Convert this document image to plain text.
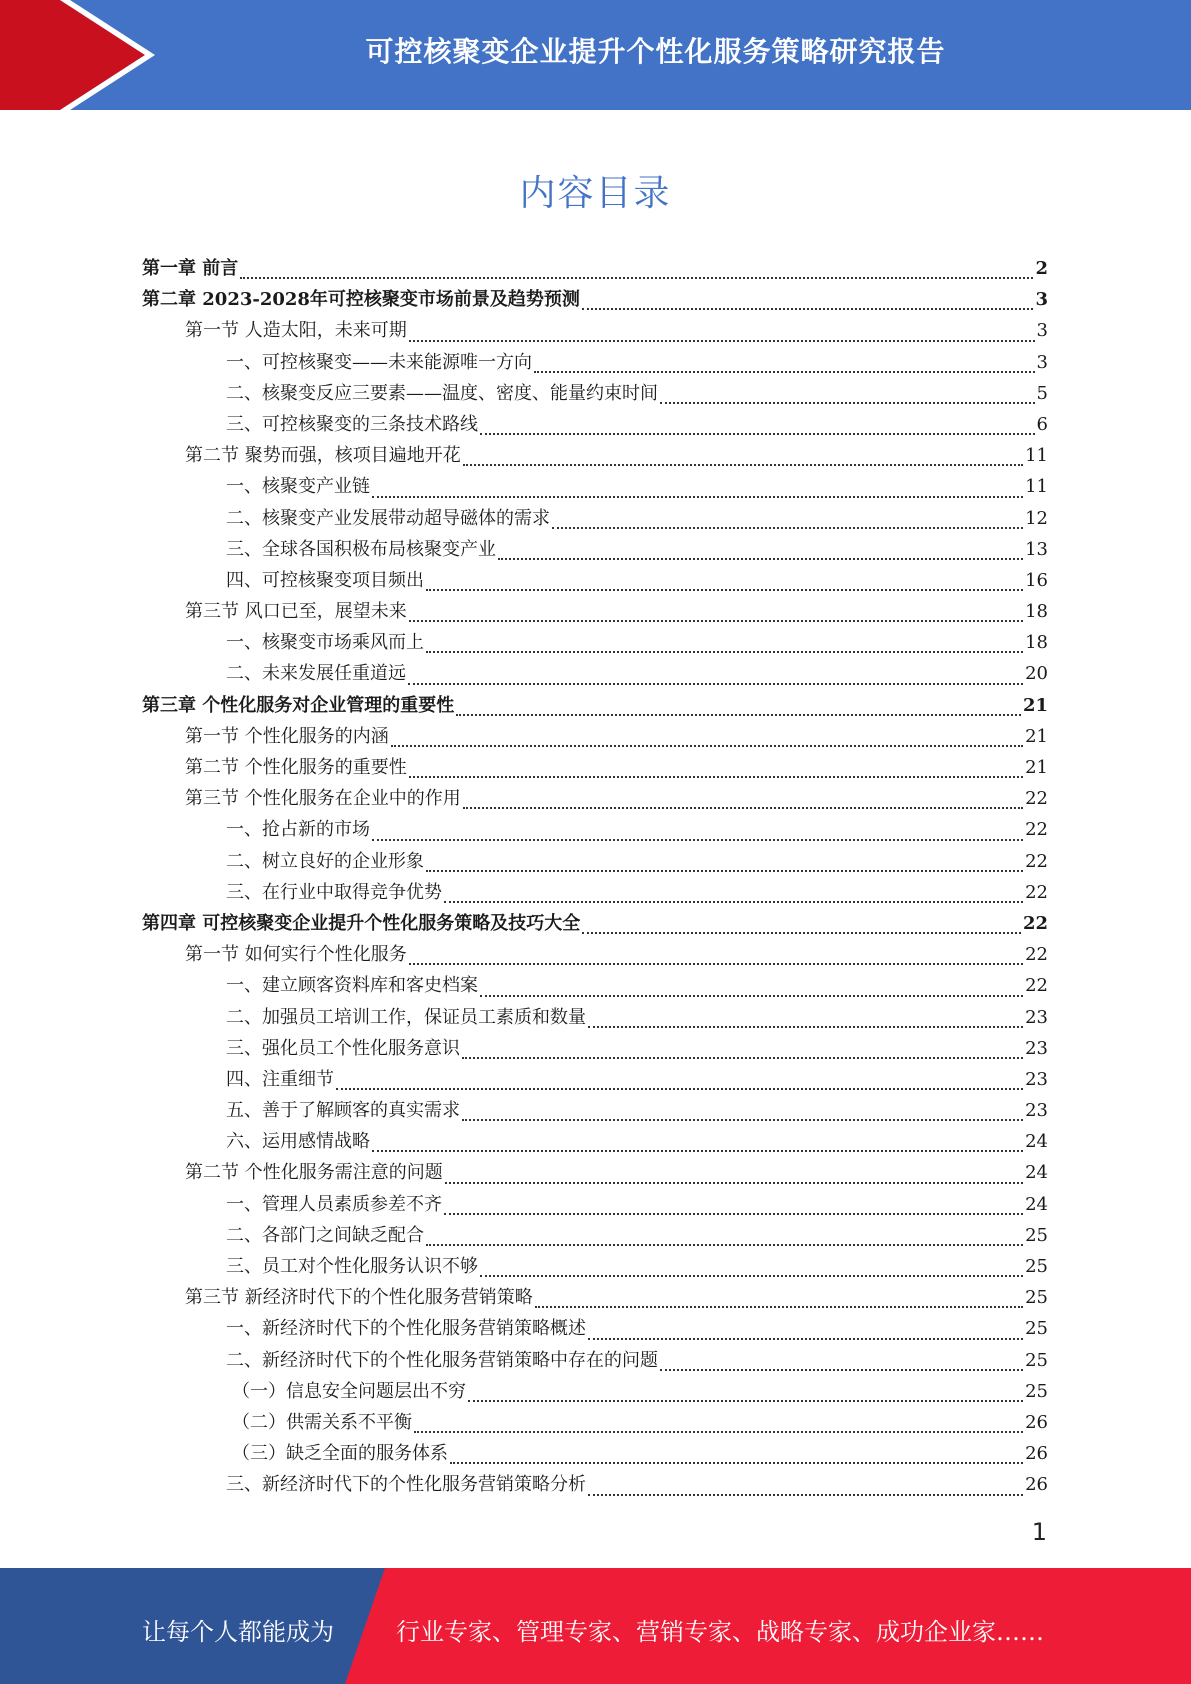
可控核聚变企业提升个性化服务策略研究报告
内容目录
第一章 前言	2
第二章 2023-2028年可控核聚变市场前景及趋势预测	3
第一节 人造太阳，未来可期	3
一、可控核聚变——未来能源唯一方向	3
二、核聚变反应三要素——温度、密度、能量约束时间	5
三、可控核聚变的三条技术路线	6
第二节 聚势而强，核项目遍地开花	11
一、核聚变产业链	11
二、核聚变产业发展带动超导磁体的需求	12
三、全球各国积极布局核聚变产业	13
四、可控核聚变项目频出	16
第三节 风口已至，展望未来	18
一、核聚变市场乘风而上	18
二、未来发展任重道远	20
第三章 个性化服务对企业管理的重要性	21
第一节 个性化服务的内涵	21
第二节 个性化服务的重要性	21
第三节 个性化服务在企业中的作用	22
一、抢占新的市场	22
二、树立良好的企业形象	22
三、在行业中取得竞争优势	22
第四章 可控核聚变企业提升个性化服务策略及技巧大全	22
第一节 如何实行个性化服务	22
一、建立顾客资料库和客史档案	22
二、加强员工培训工作，保证员工素质和数量	23
三、强化员工个性化服务意识	23
四、注重细节	23
五、善于了解顾客的真实需求	23
六、运用感情战略	24
第二节 个性化服务需注意的问题	24
一、管理人员素质参差不齐	24
二、各部门之间缺乏配合	25
三、员工对个性化服务认识不够	25
第三节 新经济时代下的个性化服务营销策略	25
一、新经济时代下的个性化服务营销策略概述	25
二、新经济时代下的个性化服务营销策略中存在的问题	25
（一）信息安全问题层出不穷	25
（二）供需关系不平衡	26
（三）缺乏全面的服务体系	26
三、新经济时代下的个性化服务营销策略分析	26
1
让每个人都能成为	行业专家、管理专家、营销专家、战略专家、成功企业家……
